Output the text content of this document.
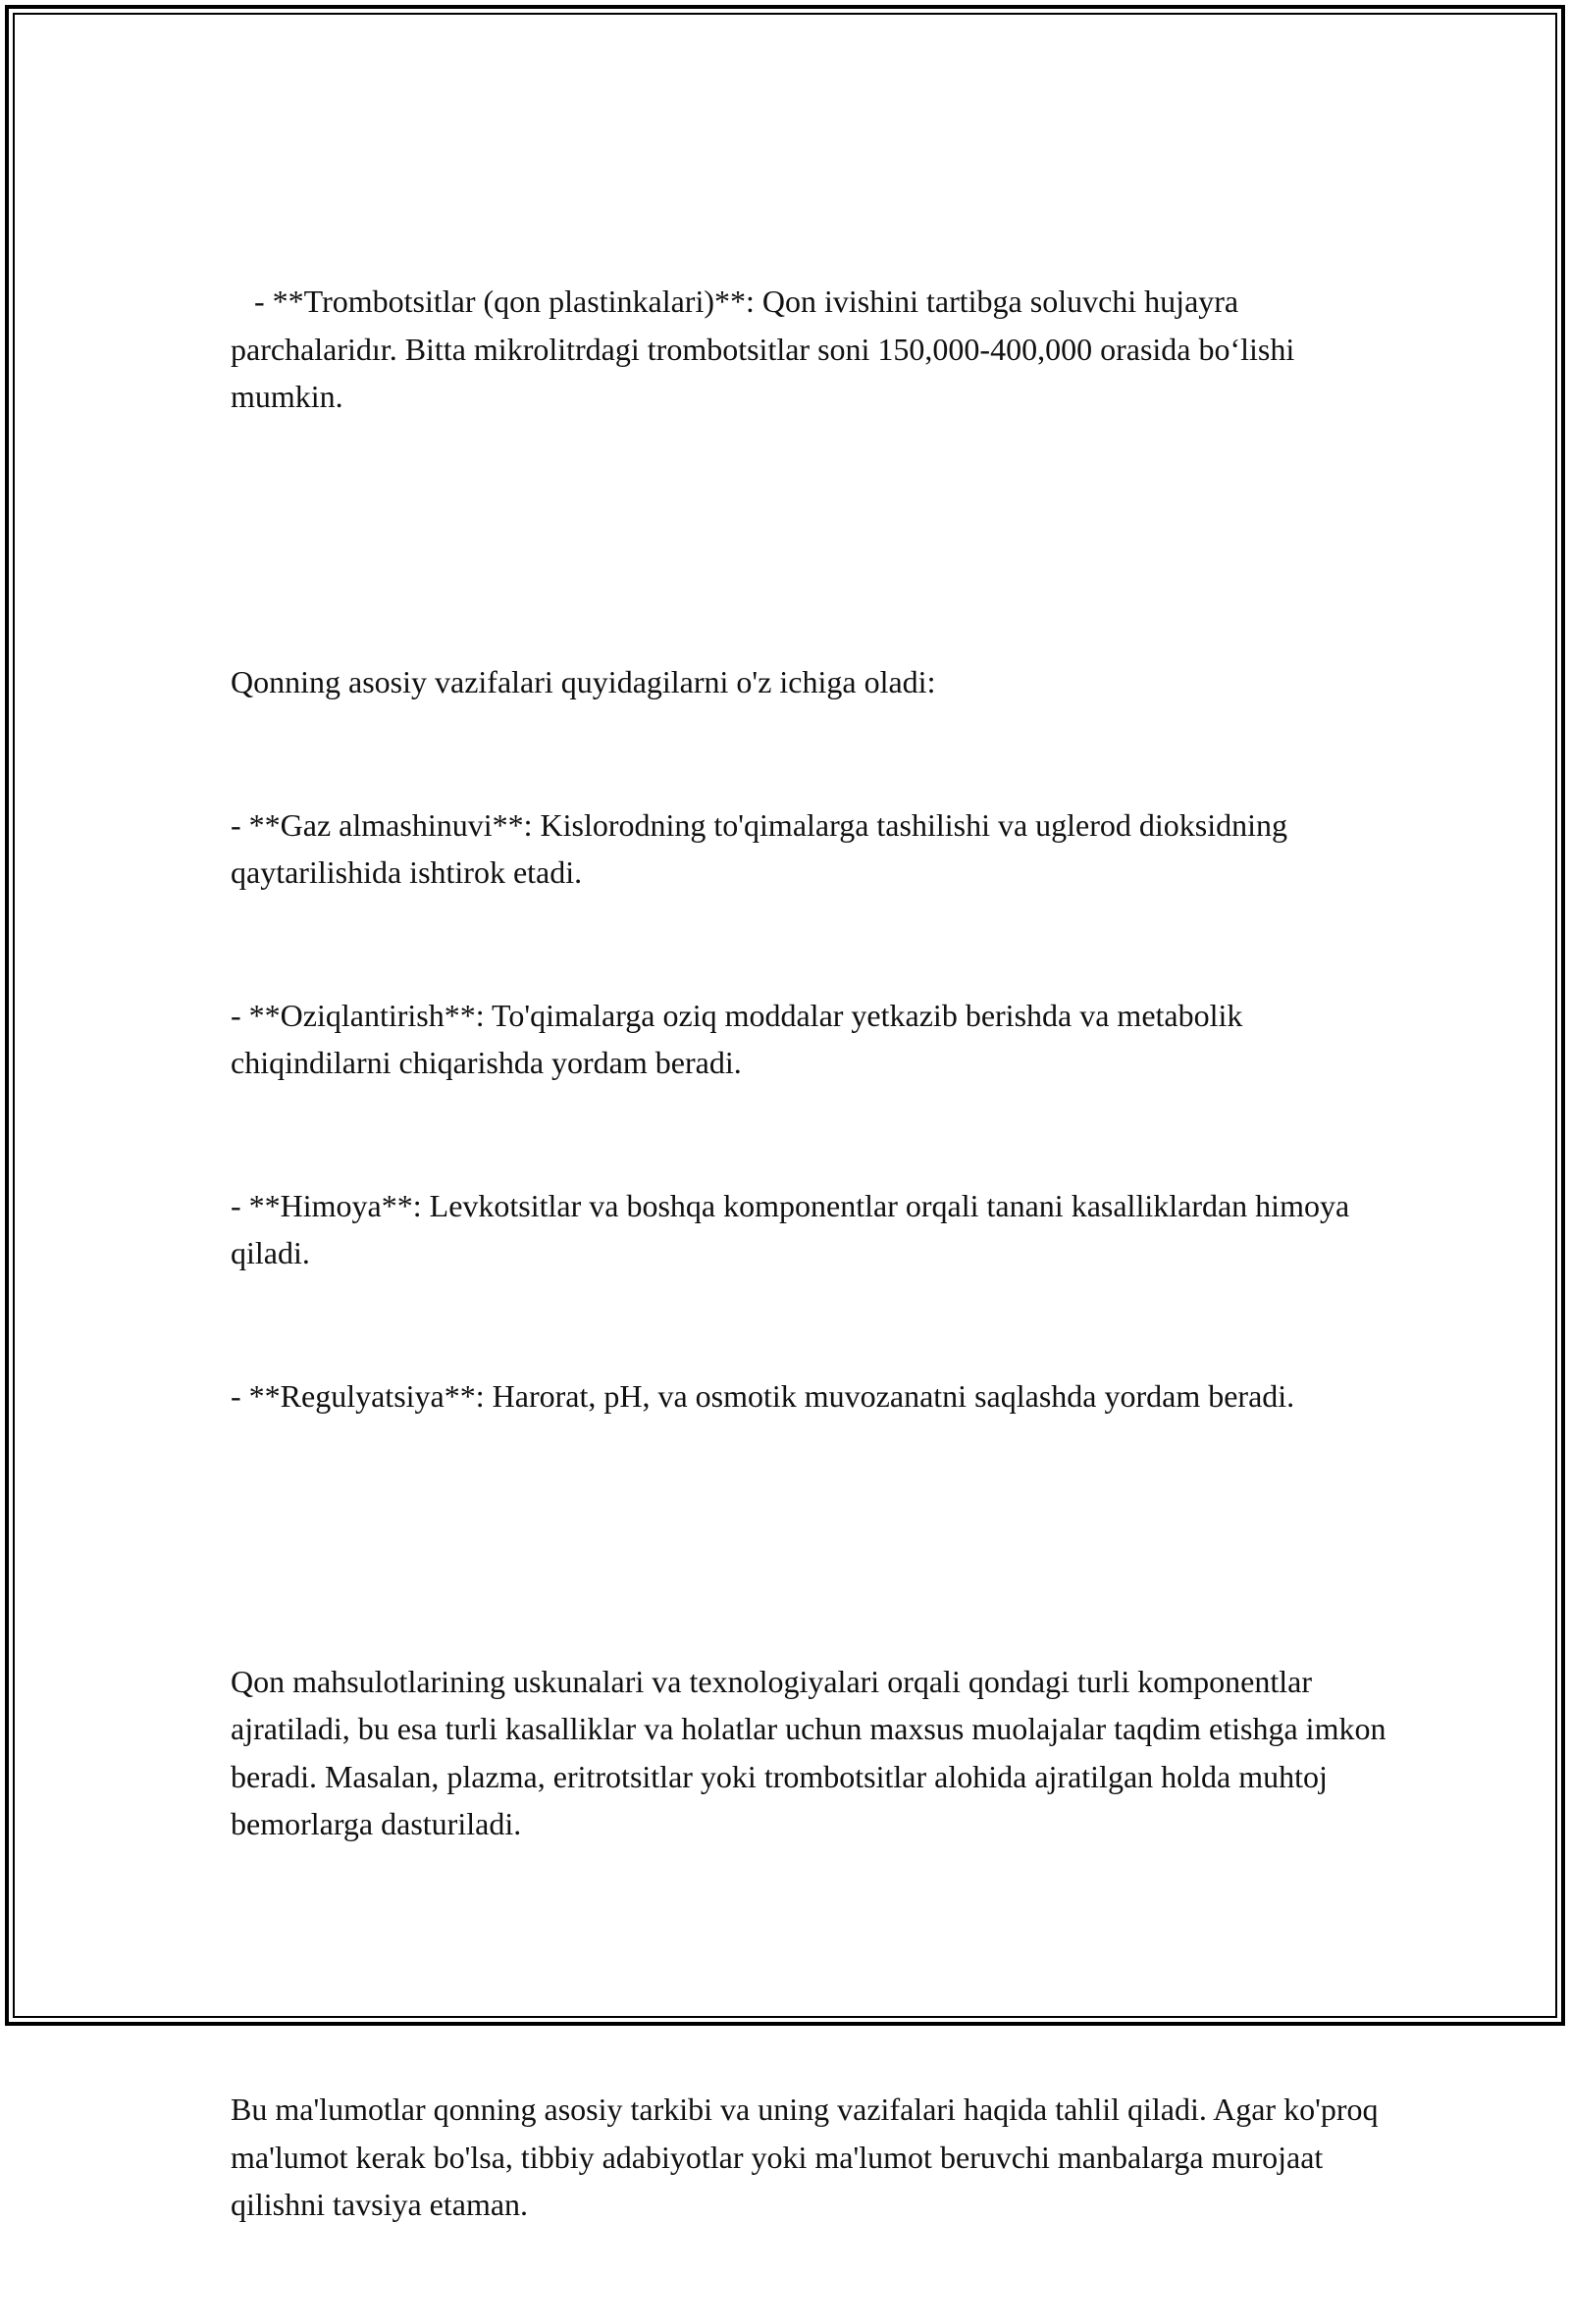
- **Trombotsitlar (qon plastinkalari)**: Qon ivishini tartibga soluvchi hujayra parchalaridır. Bitta mikrolitrdagi trombotsitlar soni 150,000-400,000 orasida bo‘lishi mumkin.

Qonning asosiy vazifalari quyidagilarni o'z ichiga oladi:

- **Gaz almashinuvi**: Kislorodning to'qimalarga tashilishi va uglerod dioksidning qaytarilishida ishtirok etadi.

- **Oziqlantirish**: To'qimalarga oziq moddalar yetkazib berishda va metabolik chiqindilarni chiqarishda yordam beradi.

- **Himoya**: Levkotsitlar va boshqa komponentlar orqali tanani kasalliklardan himoya qiladi.

- **Regulyatsiya**: Harorat, pH, va osmotik muvozanatni saqlashda yordam beradi.

Qon mahsulotlarining uskunalari va texnologiyalari orqali qondagi turli komponentlar ajratiladi, bu esa turli kasalliklar va holatlar uchun maxsus muolajalar taqdim etishga imkon beradi. Masalan, plazma, eritrotsitlar yoki trombotsitlar alohida ajratilgan holda muhtoj bemorlarga dasturiladi.

Bu ma'lumotlar qonning asosiy tarkibi va uning vazifalari haqida tahlil qiladi. Agar ko'proq ma'lumot kerak bo'lsa, tibbiy adabiyotlar yoki ma'lumot beruvchi manbalarga murojaat qilishni tavsiya etaman.
